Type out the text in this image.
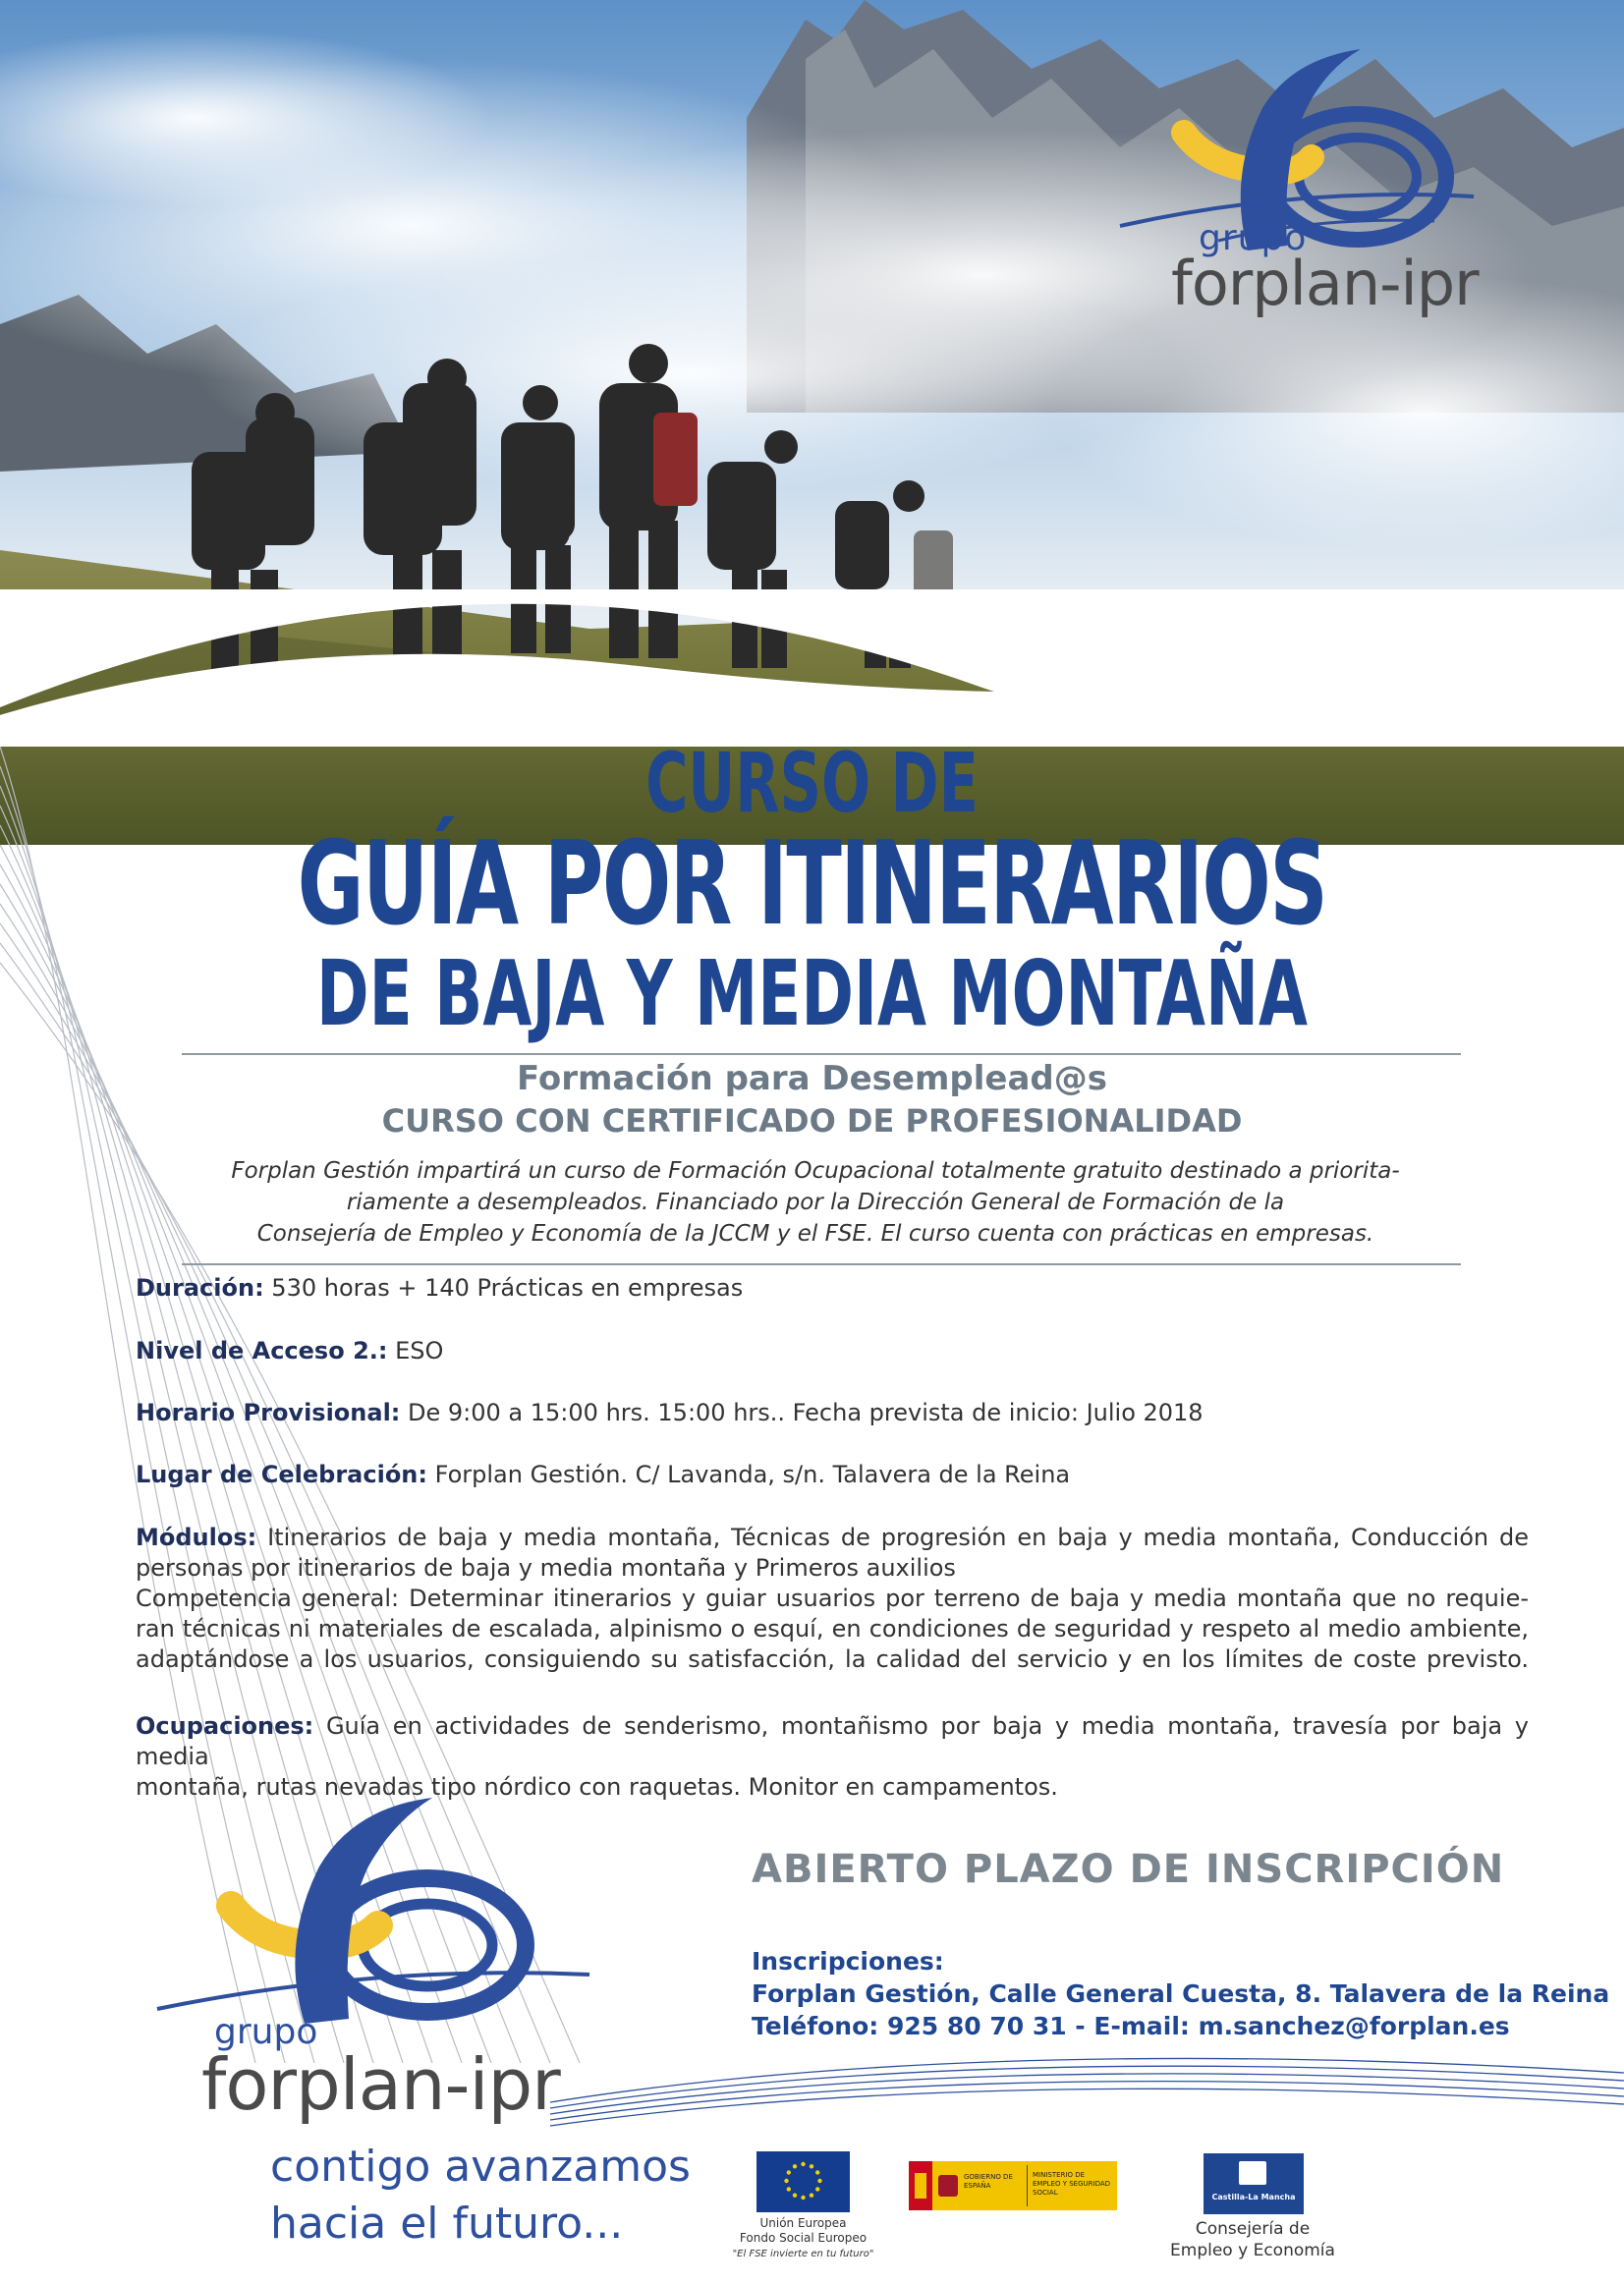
grupo
forplan-ipr
CURSO DE
GUÍA POR ITINERARIOS
DE BAJA Y MEDIA MONTAÑA
Formación para Desemplead@s
CURSO CON CERTIFICADO DE PROFESIONALIDAD
Forplan Gestión impartirá un curso de Formación Ocupacional totalmente gratuito destinado a priorita-
riamente a desempleados. Financiado por la Dirección General de Formación de la
Consejería de Empleo y Economía de la JCCM y el FSE. El curso cuenta con prácticas en empresas.
Duración: 530 horas + 140 Prácticas en empresas
Nivel de Acceso 2.: ESO
Horario Provisional: De 9:00 a 15:00 hrs. 15:00 hrs.. Fecha prevista de inicio: Julio 2018
Lugar de Celebración: Forplan Gestión. C/ Lavanda, s/n. Talavera de la Reina
Módulos: Itinerarios de baja y media montaña, Técnicas de progresión en baja y media montaña, Conducción de
personas por itinerarios de baja y media montaña y Primeros auxilios
Competencia general: Determinar itinerarios y guiar usuarios por terreno de baja y media montaña que no requie-
ran técnicas ni materiales de escalada, alpinismo o esquí, en condiciones de seguridad y respeto al medio ambiente,
adaptándose a los usuarios, consiguiendo su satisfacción, la calidad del servicio y en los límites de coste previsto.
Ocupaciones: Guía en actividades de senderismo, montañismo por baja y media montaña, travesía por baja y media
montaña, rutas nevadas tipo nórdico con raquetas. Monitor en campamentos.
ABIERTO PLAZO DE INSCRIPCIÓN
Inscripciones:
Forplan Gestión, Calle General Cuesta, 8. Talavera de la Reina
Teléfono: 925 80 70 31 - E-mail: m.sanchez@forplan.es
grupo
forplan-ipr
contigo avanzamos
hacia el futuro...	Unión Europea
Fondo Social Europeo
"El FSE invierte en tu futuro"
GOBIERNO DE ESPAÑA
MINISTERIO DE EMPLEO Y SEGURIDAD SOCIAL	Castilla-La Mancha
Consejería de
Empleo y Economía
